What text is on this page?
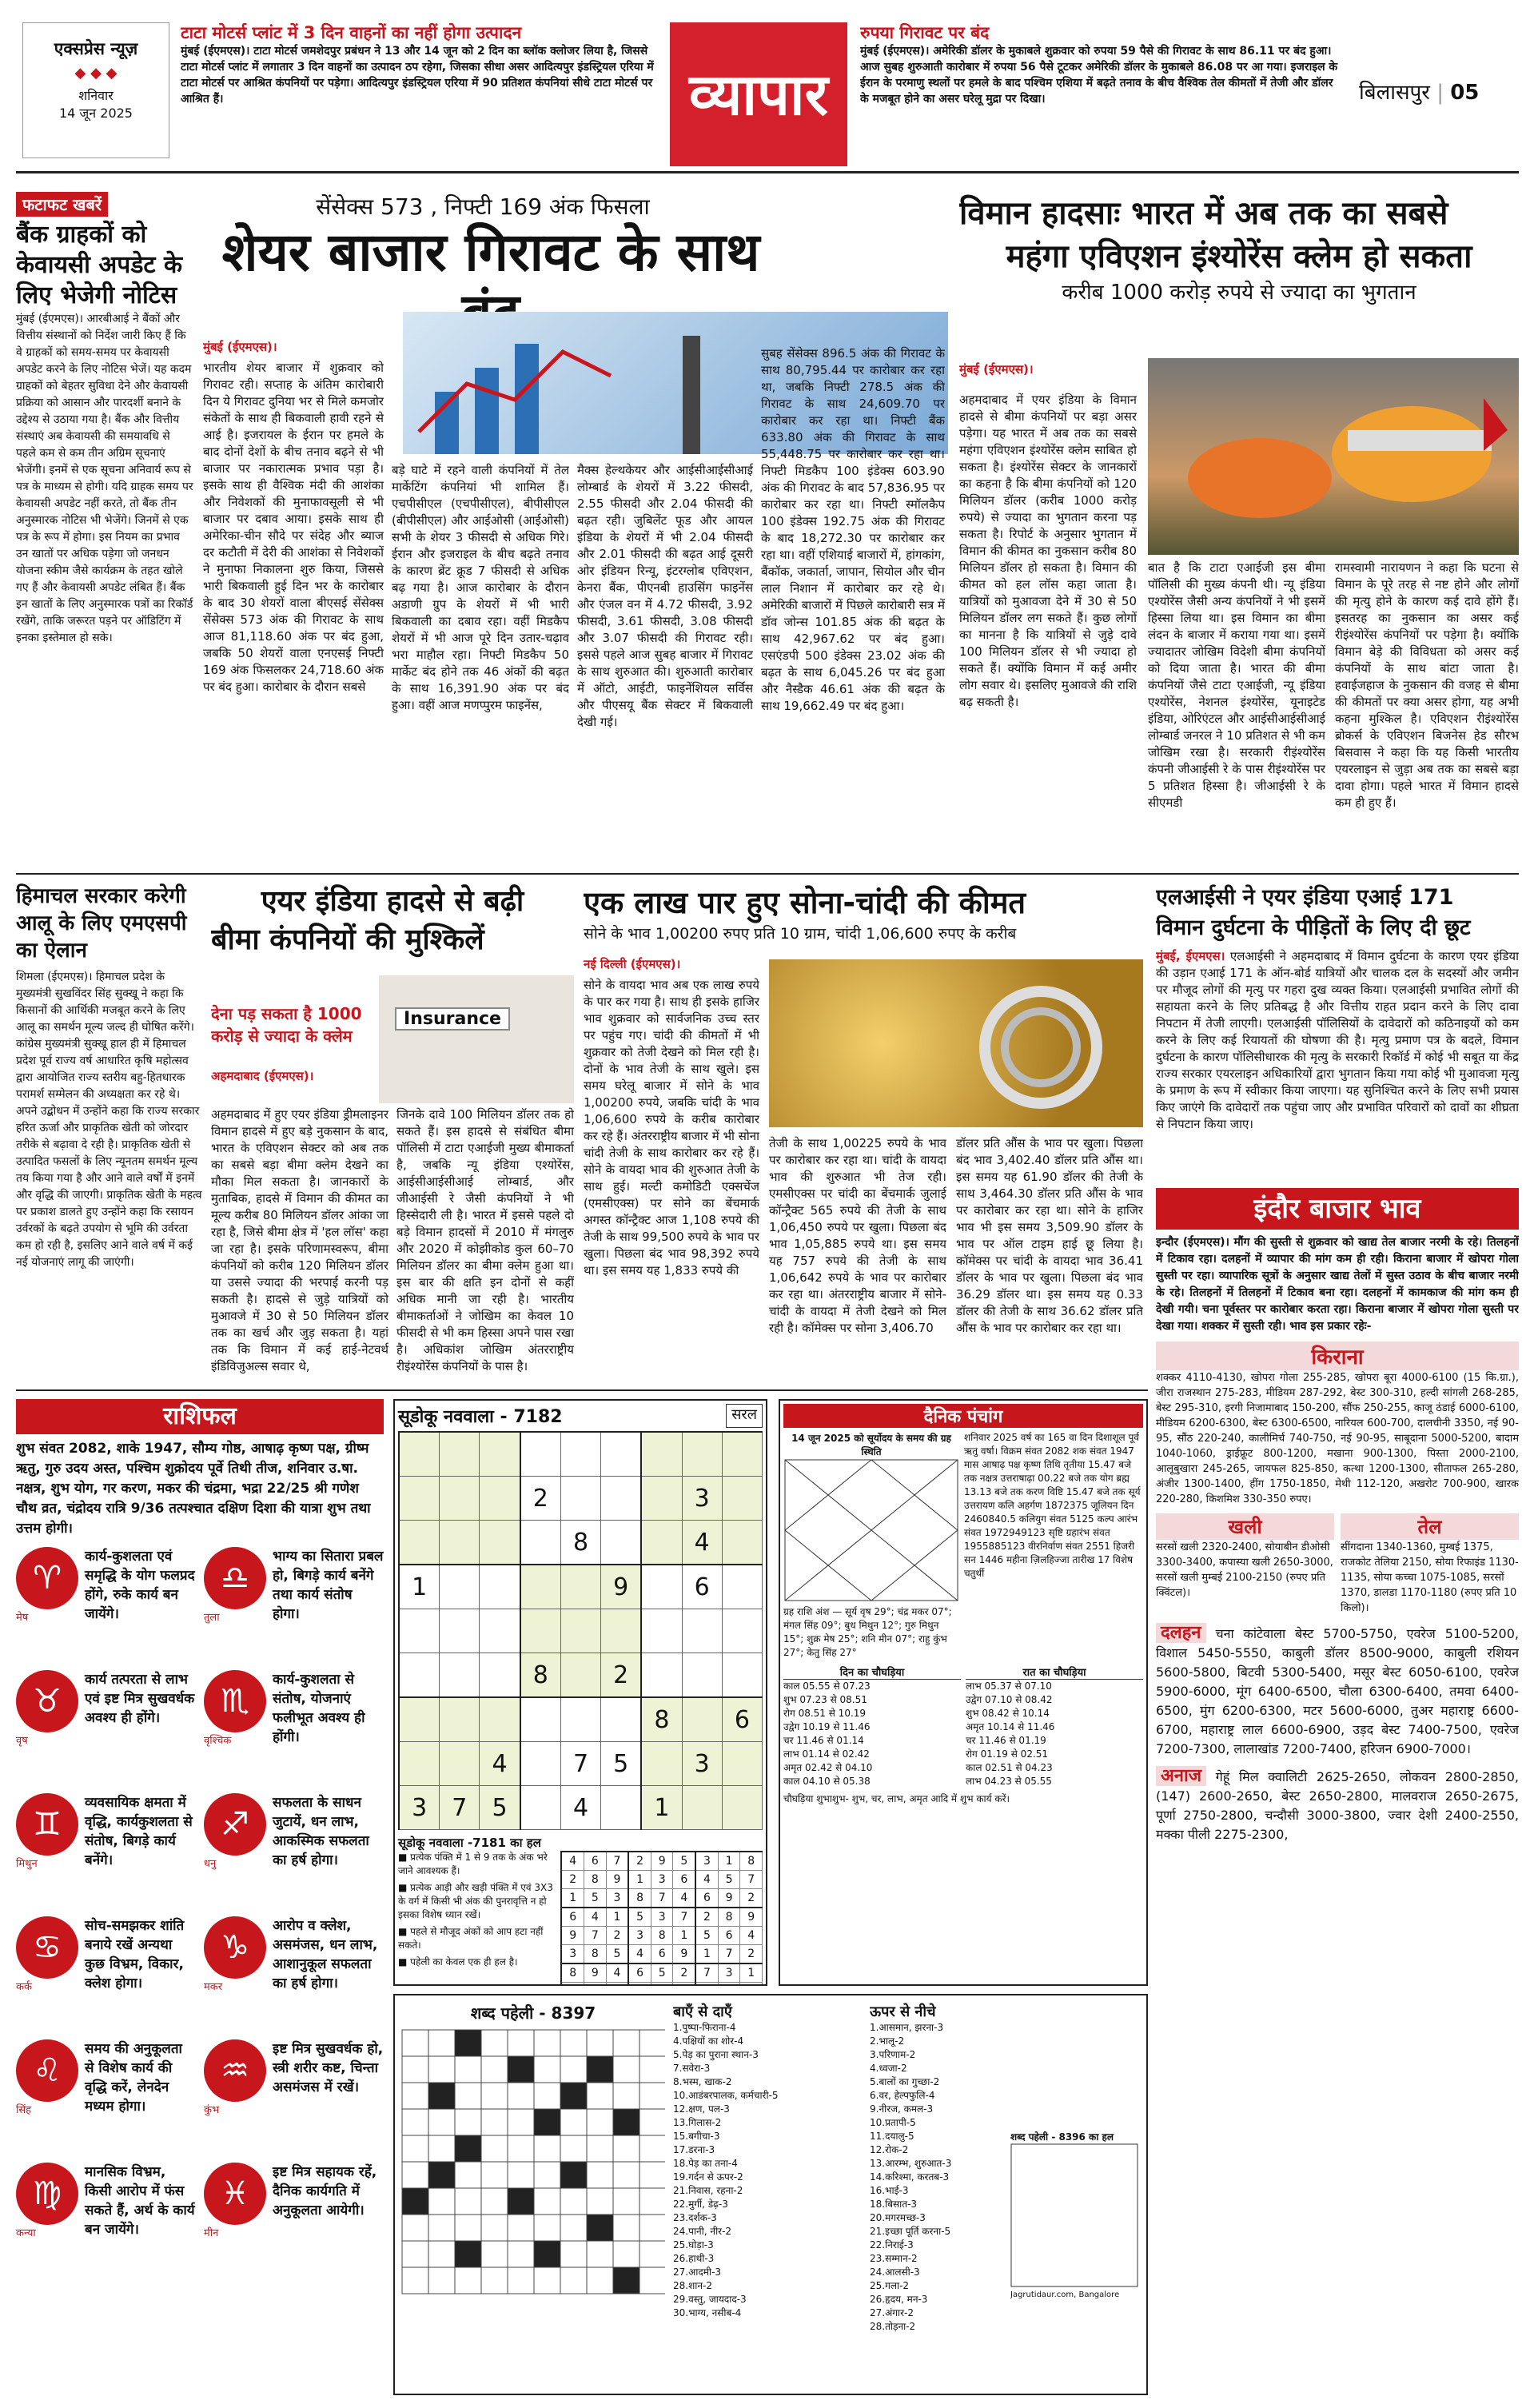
एक्सप्रेस न्यूज़
◆ ◆ ◆
शनिवार
14 जून 2025
टाटा मोटर्स प्लांट में 3 दिन वाहनों का नहीं होगा उत्पादन
मुंबई (ईएमएस)। टाटा मोटर्स जमशेदपुर प्रबंधन ने 13 और 14 जून को 2 दिन का ब्लॉक क्लोजर लिया है, जिससे टाटा मोटर्स प्लांट में लगातार 3 दिन वाहनों का उत्पादन ठप रहेगा, जिसका सीधा असर आदित्यपुर इंडस्ट्रियल एरिया में टाटा मोटर्स पर आश्रित कंपनियों पर पड़ेगा। आदित्यपुर इंडस्ट्रियल एरिया में 90 प्रतिशत कंपनियां सीधे टाटा मोटर्स पर आश्रित हैं।	व्यापार
रुपया गिरावट पर बंद
मुंबई (ईएमएस)। अमेरिकी डॉलर के मुकाबले शुक्रवार को रुपया 59 पैसे की गिरावट के साथ 86.11 पर बंद हुआ। आज सुबह शुरुआती कारोबार में रुपया 56 पैसे टूटकर अमेरिकी डॉलर के मुकाबले 86.08 पर आ गया। इजराइल के ईरान के परमाणु स्थलों पर हमले के बाद पश्चिम एशिया में बढ़ते तनाव के बीच वैश्विक तेल कीमतों में तेजी और डॉलर के मजबूत होने का असर घरेलू मुद्रा पर दिखा।	बिलासपुर | 05
फटाफट खबरें
बैंक ग्राहकों को केवायसी अपडेट के लिए भेजेगी नोटिस
मुंबई (ईएमएस)। आरबीआई ने बैंकों और वित्तीय संस्थानों को निर्देश जारी किए हैं कि वे ग्राहकों को समय-समय पर केवायसी अपडेट करने के लिए नोटिस भेजें। यह कदम ग्राहकों को बेहतर सुविधा देने और केवायसी प्रक्रिया को आसान और पारदर्शी बनाने के उद्देश्य से उठाया गया है। बैंक और वित्तीय संस्थाएं अब केवायसी की समयावधि से पहले कम से कम तीन अग्रिम सूचनाएं भेजेंगी। इनमें से एक सूचना अनिवार्य रूप से पत्र के माध्यम से होगी। यदि ग्राहक समय पर केवायसी अपडेट नहीं करते, तो बैंक तीन अनुस्मारक नोटिस भी भेजेंगे। जिनमें से एक पत्र के रूप में होगा। इस नियम का प्रभाव उन खातों पर अधिक पड़ेगा जो जनधन योजना स्कीम जैसे कार्यक्रम के तहत खोले गए हैं और केवायसी अपडेट लंबित हैं। बैंक इन खातों के लिए अनुस्मारक पत्रों का रिकॉर्ड रखेंगे, ताकि जरूरत पड़ने पर ऑडिटिंग में इनका इस्तेमाल हो सके।
सेंसेक्स 573 , निफ्टी 169 अंक फिसला
शेयर बाजार गिरावट के साथ
मुंबई (ईएमएस)।
भारतीय शेयर बाजार में शुक्रवार को गिरावट रही। सप्ताह के अंतिम कारोबारी दिन ये गिरावट दुनिया भर से मिले कमजोर संकेतों के साथ ही बिकवाली हावी रहने से आई है। इजरायल के ईरान पर हमले के बाद दोनों देशों के बीच तनाव बढ़ने से भी बाजार पर नकारात्मक प्रभाव पड़ा है। इसके साथ ही वैश्विक मंदी की आशंका और निवेशकों की मुनाफावसूली से भी बाजार पर दबाव आया। इसके साथ ही अमेरिका-चीन सौदे पर संदेह और ब्याज दर कटौती में देरी की आशंका से निवेशकों ने मुनाफा निकालना शुरु किया, जिससे भारी बिकवाली हुई दिन भर के कारोबार के बाद 30 शेयरों वाला बीएसई सेंसेक्स सेंसेक्स 573 अंक की गिरावट के साथ आज 81,118.60 अंक पर बंद हुआ, जबकि 50 शेयरों वाला एनएसई निफ्टी 169 अंक फिसलकर 24,718.60 अंक पर बंद हुआ। कारोबार के दौरान सबसे
बड़े घाटे में रहने वाली कंपनियों में तेल मार्केटिंग कंपनियां भी शामिल हैं। एचपीसीएल (एचपीसीएल), बीपीसीएल (बीपीसीएल) और आईओसी (आईओसी) सभी के शेयर 3 फीसदी से अधिक गिरे। ईरान और इजराइल के बीच बढ़ते तनाव के कारण ब्रेंट क्रूड 7 फीसदी से अधिक बढ़ गया है। आज कारोबार के दौरान अडाणी ग्रुप के शेयरों में भी भारी बिकवाली का दबाव रहा। वहीं मिडकैप शेयरों में भी आज पूरे दिन उतार-चढ़ाव भरा माहौल रहा। निफ्टी मिडकैप 50 मार्केट बंद होने तक 46 अंकों की बढ़त के साथ 16,391.90 अंक पर बंद हुआ। वहीं आज मणप्पुरम फाइनेंस,
मैक्स हेल्थकेयर और आईसीआईसीआई लोम्बार्ड के शेयरों में 3.22 फीसदी, 2.55 फीसदी और 2.04 फीसदी की बढ़त रही। जुबिलेंट फूड और आयल इंडिया के शेयरों में भी 2.04 फीसदी और 2.01 फीसदी की बढ़त आई दूसरी ओर इंडियन रिन्यू, इंटरग्लोब एविएशन, केनरा बैंक, पीएनबी हाउसिंग फाइनेंस और एंजल वन में 4.72 फीसदी, 3.92 फीसदी, 3.61 फीसदी, 3.08 फीसदी और 3.07 फीसदी की गिरावट रही। इससे पहले आज सुबह बाजार में गिरावट के साथ शुरुआत की। शुरुआती कारोबार में ऑटो, आईटी, फाइनेंशियल सर्विस और पीएसयू बैंक सेक्टर में बिकवाली देखी गई।
सुबह सेंसेक्स 896.5 अंक की गिरावट के साथ 80,795.44 पर कारोबार कर रहा था, जबकि निफ्टी 278.5 अंक की गिरावट के साथ 24,609.70 पर कारोबार कर रहा था। निफ्टी बैंक 633.80 अंक की गिरावट के साथ 55,448.75 पर कारोबार कर रहा था। निफ्टी मिडकैप 100 इंडेक्स 603.90 अंक की गिरावट के बाद 57,836.95 पर कारोबार कर रहा था। निफ्टी स्मॉलकैप 100 इंडेक्स 192.75 अंक की गिरावट के बाद 18,272.30 पर कारोबार कर रहा था। वहीं एशियाई बाजारों में, हांगकांग, बैंकॉक, जकार्ता, जापान, सियोल और चीन लाल निशान में कारोबार कर रहे थे। अमेरिकी बाजारों में पिछले कारोबारी सत्र में डॉव जोन्स 101.85 अंक की बढ़त के साथ 42,967.62 पर बंद हुआ। एसएंडपी 500 इंडेक्स 23.02 अंक की बढ़त के साथ 6,045.26 पर बंद हुआ और नैस्डैक 46.61 अंक की बढ़त के साथ 19,662.49 पर बंद हुआ।
विमान हादसाः भारत में अब तक का सबसे
महंगा एविएशन इंश्योरेंस क्लेम हो सकता
करीब 1000 करोड़ रुपये से ज्यादा का भुगतान
मुंबई (ईएमएस)।
अहमदाबाद में एयर इंडिया के विमान हादसे से बीमा कंपनियों पर बड़ा असर पड़ेगा। यह भारत में अब तक का सबसे महंगा एविएशन इंश्योरेंस क्लेम साबित हो सकता है। इंश्योरेंस सेक्टर के जानकारों का कहना है कि बीमा कंपनियों को 120 मिलियन डॉलर (करीब 1000 करोड़ रुपये) से ज्यादा का भुगतान करना पड़ सकता है। रिपोर्ट के अनुसार भुगतान में विमान की कीमत का नुकसान करीब 80 मिलियन डॉलर हो सकता है। विमान की कीमत को हल लॉस कहा जाता है। यात्रियों को मुआवजा देने में 30 से 50 मिलियन डॉलर लग सकते हैं। कुछ लोगों का मानना है कि यात्रियों से जुड़े दावे 100 मिलियन डॉलर से भी ज्यादा हो सकते हैं। क्योंकि विमान में कई अमीर लोग सवार थे। इसलिए मुआवजे की राशि बढ़ सकती है।
बात है कि टाटा एआईजी इस बीमा पॉलिसी की मुख्य कंपनी थी। न्यू इंडिया एश्योरेंस जैसी अन्य कंपनियों ने भी इसमें हिस्सा लिया था। इस विमान का बीमा लंदन के बाजार में कराया गया था। इसमें ज्यादातर जोखिम विदेशी बीमा कंपनियों को दिया जाता है। भारत की बीमा कंपनियों जैसे टाटा एआईजी, न्यू इंडिया एश्योरेंस, नेशनल इंश्योरेंस, यूनाइटेड इंडिया, ओरिएंटल और आईसीआईसीआई लोम्बार्ड जनरल ने 10 प्रतिशत से भी कम जोखिम रखा है। सरकारी रीइंश्योरेंस कंपनी जीआईसी रे के पास रीइंश्योरेंस पर 5 प्रतिशत हिस्सा है। जीआईसी रे के सीएमडी
रामस्वामी नारायणन ने कहा कि घटना से विमान के पूरे तरह से नष्ट होने और लोगों की मृत्यु होने के कारण कई दावे होंगे हैं। इसतरह का नुकसान का असर कई रीइंश्योरेंस कंपनियों पर पड़ेगा है। क्योंकि विमान बेड़े की विविधता को असर कई कंपनियों के साथ बांटा जाता है। हवाईजहाज के नुकसान की वजह से बीमा की कीमतों पर क्या असर होगा, यह अभी कहना मुश्किल है। एविएशन रीइंश्योरेंस ब्रोकर्स के एविएशन बिजनेस हेड सौरभ बिसवास ने कहा कि यह किसी भारतीय एयरलाइन से जुड़ा अब तक का सबसे बड़ा दावा होगा। पहले भारत में विमान हादसे कम ही हुए हैं।
हिमाचल सरकार करेगी आलू के लिए एमएसपी का ऐलान
शिमला (ईएमएस)। हिमाचल प्रदेश के मुख्यमंत्री सुखविंदर सिंह सुक्खू ने कहा कि किसानों की आर्थिकी मजबूत करने के लिए आलू का समर्थन मूल्य जल्द ही घोषित करेंगे। कांग्रेस मुख्यमंत्री सुक्खू हाल ही में हिमाचल प्रदेश पूर्व राज्य वर्ष आधारित कृषि महोत्सव द्वारा आयोजित राज्य स्तरीय बहु-हितधारक परामर्श सम्मेलन की अध्यक्षता कर रहे थे। अपने उद्बोधन में उन्होंने कहा कि राज्य सरकार हरित ऊर्जा और प्राकृतिक खेती को जोरदार तरीके से बढ़ावा दे रही है। प्राकृतिक खेती से उत्पादित फसलों के लिए न्यूनतम समर्थन मूल्य तय किया गया है और आने वाले वर्षों में इनमें और वृद्धि की जाएगी। प्राकृतिक खेती के महत्व पर प्रकाश डालते हुए उन्होंने कहा कि रसायन उर्वरकों के बढ़ते उपयोग से भूमि की उर्वरता कम हो रही है, इसलिए आने वाले वर्ष में कई नई योजनाएं लागू की जाएंगी।
एयर इंडिया हादसे से बढ़ी
बीमा कंपनियों की मुश्किलें
देना पड़ सकता है 1000 करोड़ से ज्यादा के क्लेम
Insurance
अहमदाबाद (ईएमएस)।
अहमदाबाद में हुए एयर इंडिया ड्रीमलाइनर विमान हादसे में हुए बड़े नुकसान के बाद, भारत के एविएशन सेक्टर को अब तक का सबसे बड़ा बीमा क्लेम देखने का मौका मिल सकता है। जानकारों के मुताबिक, हादसे में विमान की कीमत का मूल्य करीब 80 मिलियन डॉलर आंका जा रहा है, जिसे बीमा क्षेत्र में 'हल लॉस' कहा जा रहा है। इसके परिणामस्वरूप, बीमा कंपनियों को करीब 120 मिलियन डॉलर या उससे ज्यादा की भरपाई करनी पड़ सकती है। हादसे से जुड़े यात्रियों को मुआवजे में 30 से 50 मिलियन डॉलर तक का खर्च और जुड़ सकता है। यहां तक कि विमान में कई हाई-नेटवर्थ इंडिविजुअल्स सवार थे,
जिनके दावे 100 मिलियन डॉलर तक हो सकते हैं। इस हादसे से संबंधित बीमा पॉलिसी में टाटा एआईजी मुख्य बीमाकर्ता है, जबकि न्यू इंडिया एश्योरेंस, आईसीआईसीआई लोम्बार्ड, और जीआईसी रे जैसी कंपनियों ने भी हिस्सेदारी ली है। भारत में इससे पहले दो बड़े विमान हादसों में 2010 में मंगलुरु और 2020 में कोझीकोड कुल 60–70 मिलियन डॉलर का बीमा क्लेम हुआ था। इस बार की क्षति इन दोनों से कहीं अधिक मानी जा रही है। भारतीय बीमाकर्ताओं ने जोखिम का केवल 10 फीसदी से भी कम हिस्सा अपने पास रखा है। अधिकांश जोखिम अंतरराष्ट्रीय रीइंश्योरेंस कंपनियों के पास है।
एक लाख पार हुए सोना-चांदी की कीमत
सोने के भाव 1,00200 रुपए प्रति 10 ग्राम, चांदी 1,06,600 रुपए के करीब
नई दिल्ली (ईएमएस)।
सोने के वायदा भाव अब एक लाख रुपये के पार कर गया है। साथ ही इसके हाजिर भाव शुक्रवार को सार्वजनिक उच्च स्तर पर पहुंच गए। चांदी की कीमतों में भी शुक्रवार को तेजी देखने को मिल रही है। दोनों के भाव तेजी के साथ खुले। इस समय घरेलू बाजार में सोने के भाव 1,00200 रुपये, जबकि चांदी के भाव 1,06,600 रुपये के करीब कारोबार कर रहे हैं। अंतरराष्ट्रीय बाजार में भी सोना चांदी तेजी के साथ कारोबार कर रहे हैं। सोने के वायदा भाव की शुरुआत तेजी के साथ हुई। मल्टी कमोडिटी एक्सचेंज (एमसीएक्स) पर सोने का बेंचमार्क अगस्त कॉन्ट्रैक्ट आज 1,108 रुपये की तेजी के साथ 99,500 रुपये के भाव पर खुला। पिछला बंद भाव 98,392 रुपये था। इस समय यह 1,833 रुपये की
तेजी के साथ 1,00225 रुपये के भाव पर कारोबार कर रहा था। चांदी के वायदा भाव की शुरुआत भी तेज रही। एमसीएक्स पर चांदी का बेंचमार्क जुलाई कॉन्ट्रैक्ट 565 रुपये की तेजी के साथ 1,06,450 रुपये पर खुला। पिछला बंद भाव 1,05,885 रुपये था। इस समय यह 757 रुपये की तेजी के साथ 1,06,642 रुपये के भाव पर कारोबार कर रहा था। अंतरराष्ट्रीय बाजार में सोने-चांदी के वायदा में तेजी देखने को मिल रही है। कॉमेक्स पर सोना 3,406.70
डॉलर प्रति औंस के भाव पर खुला। पिछला बंद भाव 3,402.40 डॉलर प्रति औंस था। इस समय यह 61.90 डॉलर की तेजी के साथ 3,464.30 डॉलर प्रति औंस के भाव पर कारोबार कर रहा था। सोने के हाजिर भाव भी इस समय 3,509.90 डॉलर के भाव पर ऑल टाइम हाई छू लिया है। कॉमेक्स पर चांदी के वायदा भाव 36.41 डॉलर के भाव पर खुला। पिछला बंद भाव 36.29 डॉलर था। इस समय यह 0.33 डॉलर की तेजी के साथ 36.62 डॉलर प्रति औंस के भाव पर कारोबार कर रहा था।
एलआईसी ने एयर इंडिया एआई 171
विमान दुर्घटना के पीड़ितों के लिए दी छूट
मुंबई, ईएमएस। एलआईसी ने अहमदाबाद में विमान दुर्घटना के कारण एयर इंडिया की उड़ान एआई 171 के ऑन-बोर्ड यात्रियों और चालक दल के सदस्यों और जमीन पर मौजूद लोगों की मृत्यु पर गहरा दुख व्यक्त किया। एलआईसी प्रभावित लोगों की सहायता करने के लिए प्रतिबद्ध है और वित्तीय राहत प्रदान करने के लिए दावा निपटान में तेजी लाएगी। एलआईसी पॉलिसियों के दावेदारों को कठिनाइयों को कम करने के लिए कई रियायतों की घोषणा की है। मृत्यु प्रमाण पत्र के बदले, विमान दुर्घटना के कारण पॉलिसीधारक की मृत्यु के सरकारी रिकॉर्ड में कोई भी सबूत या केंद्र राज्य सरकार एयरलाइन अधिकारियों द्वारा भुगतान किया गया कोई भी मुआवजा मृत्यु के प्रमाण के रूप में स्वीकार किया जाएगा। यह सुनिश्चित करने के लिए सभी प्रयास किए जाएंगे कि दावेदारों तक पहुंचा जाए और प्रभावित परिवारों को दावों का शीघ्रता से निपटान किया जाए।
इंदौर बाजार भाव
इन्दौर (ईएमएस)। मौंग की सुस्ती से शुक्रवार को खाद्य तेल बाजार नरमी के रहे। तिलहनों में टिकाव रहा। दलहनों में व्यापार की मांग कम ही रही। किराना बाजार में खोपरा गोला सुस्ती पर रहा। व्यापारिक सूत्रों के अनुसार खाद्य तेलों में सुस्त उठाव के बीच बाजार नरमी के रहे। तिलहनों में तिलहनों में टिकाव बना रहा। दलहनों में कामकाज की मांग कम ही देखी गयी। चना पूर्वस्तर पर कारोबार करता रहा। किराना बाजार में खोपरा गोला सुस्ती पर देखा गया। शक्कर में सुस्ती रही। भाव इस प्रकार रहेः-
किराना
शक्कर 4110-4130, खोपरा गोला 255-285, खोपरा बूरा 4000-6100 (15 कि.ग्रा.), जीरा राजस्थान 275-283, मीडियम 287-292, बेस्ट 300-310, हल्दी सांगली 268-285, बेस्ट 295-310, इरगी निजामाबाद 150-200, सौंफ 250-255, काजू ठंडाई 6000-6100, मीडियम 6200-6300, बेस्ट 6300-6500, नारियल 600-700, दालचीनी 3350, नई 90-95, सौंठ 220-240, कालीमिर्च 740-750, नई 90-95, साबूदाना 5000-5200, बादाम 1040-1060, ड्राईफ्रूट 800-1200, मखाना 900-1300, पिस्ता 2000-2100, आलूबुखारा 245-265, जायफल 825-850, कत्था 1200-1300, सीताफल 265-280, अंजीर 1300-1400, हींग 1750-1850, मेथी 112-120, अखरोट 700-900, खारक 220-280, किशमिश 330-350 रुपए।
खली
सरसों खली 2320-2400, सोयाबीन डीओसी 3300-3400, कपास्या खली 2650-3000, सरसों खली मुम्बई 2100-2150 (रुपए प्रति क्विंटल)।
तेल
सींगदाना 1340-1360, मुम्बई 1375, राजकोट तेलिया 2150, सोया रिफाइंड 1130-1135, सोया कच्चा 1075-1085, सरसों 1370, डालडा 1170-1180 (रुपए प्रति 10 किलो)।
दलहन चना कांटेवाला बेस्ट 5700-5750, एवरेज 5100-5200, विशाल 5450-5550, काबुली डॉलर 8500-9000, काबुली रशियन 5600-5800, बिटवी 5300-5400, मसूर बेस्ट 6050-6100, एवरेज 5900-6000, मूंग 6400-6500, चौला 6300-6400, तमवा 6400-6500, मुंग 6200-6300, मटर 5600-6000, तुअर महाराष्ट्र 6600-6700, महाराष्ट्र लाल 6600-6900, उड़द बेस्ट 7400-7500, एवरेज 7200-7300, लालाखांड 7200-7400, हरिजन 6900-7000।
अनाज गेहूं मिल क्वालिटी 2625-2650, लोकवन 2800-2850, (147) 2600-2650, बेस्ट 2650-2800, मालवराज 2650-2675, पूर्णा 2750-2800, चन्दौसी 3000-3800, ज्वार देशी 2400-2550, मक्का पीली 2275-2300,
राशिफल
शुभ संवत 2082, शाके 1947, सौम्य गोष्ठ, आषाढ़ कृष्ण पक्ष, ग्रीष्म ऋतु, गुरु उदय अस्त, पश्चिम शुक्रोदय पूर्वे तिथी तीज, शनिवार उ.षा. नक्षत्र, शुभ योग, गर करण, मकर की चंद्रमा, भद्रा 22/25 श्री गणेश चौथ व्रत, चंद्रोदय रात्रि 9/36 तत्पश्चात दक्षिण दिशा की यात्रा शुभ तथा उत्तम होगी।
♈
मेष
कार्य-कुशलता एवं समृद्धि के योग फलप्रद होंगे, रुके कार्य बन जायेंगे।
♎
तुला
भाग्य का सितारा प्रबल हो, बिगड़े कार्य बनेंगे तथा कार्य संतोष होगा।
♉
वृष
कार्य तत्परता से लाभ एवं इष्ट मित्र सुखवर्धक अवश्य ही होंगे।	♏
वृश्चिक
कार्य-कुशलता से संतोष, योजनाएं फलीभूत अवश्य ही होंगी।
♊
मिथुन
व्यवसायिक क्षमता में वृद्धि, कार्यकुशलता से संतोष, बिगड़े कार्य बनेंगे।
♐
धनु
सफलता के साधन जुटायें, धन लाभ, आकस्मिक सफलता का हर्ष होगा।
♋
कर्क
सोच-समझकर शांति बनाये रखें अन्यथा कुछ विभ्रम, विकार, क्लेश होगा।
♑
मकर
आरोप व क्लेश, असमंजस, धन लाभ, आशानुकूल सफलता का हर्ष होगा।
♌
सिंह
समय की अनुकूलता से विशेष कार्य की वृद्धि करें, लेनदेन मध्यम होगा।
♒
कुंभ
इष्ट मित्र सुखवर्धक हो, स्त्री शरीर कष्ट, चिन्ता असमंजस में रखें।
♍
कन्या
मानसिक विभ्रम, किसी आरोप में फंस सकते हैं, अर्थ के कार्य बन जायेंगे।
♓
मीन
इष्ट मित्र सहायक रहें, दैनिक कार्यगति में अनुकूलता आयेगी।
सूडोकू नववाला - 7182	सरल

			2				3	
				8			4	
1					9		6	

			8		2			
						8		6
		4		7	5		3	
3	7	5		4		1		
सूडोकू नववाला -7181 का हल
■ प्रत्येक पंक्ति में 1 से 9 तक के अंक भरे जाने आवश्यक हैं।
■ प्रत्येक आड़ी और खड़ी पंक्ति में एवं 3X3 के वर्ग में किसी भी अंक की पुनरावृत्ति न हो इसका विशेष ध्यान रखें।
■ पहले से मौजूद अंकों को आप हटा नहीं सकते।
■ पहेली का केवल एक ही हल है।
4	6	7	2	9	5	3	1	8
2	8	9	1	3	6	4	5	7
1	5	3	8	7	4	6	9	2
6	4	1	5	3	7	2	8	9
9	7	2	3	8	1	5	6	4
3	8	5	4	6	9	1	7	2
8	9	4	6	5	2	7	3	1

दैनिक पंचांग
14 जून 2025 को सूर्योदय के समय की ग्रह स्थिति
ग्रह राशि अंश — सूर्य वृष 29°; चंद्र मकर 07°; मंगल सिंह 09°; बुध मिथुन 12°; गुरु मिथुन 15°; शुक्र मेष 25°; शनि मीन 07°; राहु कुंभ 27°; केतु सिंह 27°
शनिवार 2025 वर्ष का 165 वा दिन दिशाशूल पूर्व ऋतु वर्षा। विक्रम संवत 2082 शक संवत 1947 मास आषाढ़ पक्ष कृष्ण तिथि तृतीया 15.47 बजे तक नक्षत्र उत्तराषाढ़ा 00.22 बजे तक योग ब्रह्म 13.13 बजे तक करण विष्टि 15.47 बजे तक सूर्य उत्तरायण कलि अहर्गण 1872375 जूलियन दिन 2460840.5 कलियुग संवत 5125 कल्प आरंभ संवत 1972949123 सृष्टि ग्रहारंभ संवत 1955885123 वीरनिर्वाण संवत 2551 हिजरी सन 1446 महीना ज़िलहिज्जा तारीख 17 विशेष चतुर्थी
दिन का चौघड़िया
काल 05.55 से 07.23
शुभ 07.23 से 08.51
रोग 08.51 से 10.19
उद्वेग 10.19 से 11.46
चर 11.46 से 01.14
लाभ 01.14 से 02.42
अमृत 02.42 से 04.10
काल 04.10 से 05.38
रात का चौघड़िया
लाभ 05.37 से 07.10
उद्वेग 07.10 से 08.42
शुभ 08.42 से 10.14
अमृत 10.14 से 11.46
चर 11.46 से 01.19
रोग 01.19 से 02.51
काल 02.51 से 04.23
लाभ 04.23 से 05.55
चौघड़िया शुभाशुभ- शुभ, चर, लाभ, अमृत आदि में शुभ कार्य करें।
शब्द पहेली - 8397	बाएँ से दाएँ
1.पुष्पा-फिराना-4
4.पक्षियों का शोर-4
5.पेड़ का पुराना स्थान-3
7.सवेरा-3
8.भस्म, खाक-2
10.आडंबरपालक, कर्मचारी-5
12.क्षण, पल-3
13.गिलास-2
15.बगीचा-3
17.डरना-3
18.पेड़ का तना-4
19.गर्दन से ऊपर-2
21.निवास, रहना-2
22.मुर्गी, डेढ़-3
23.दर्शक-3
24.पानी, नीर-2
25.घोड़ा-3
26.हाथी-3
27.आदमी-3
28.शान-2
29.वस्तु, जायदाद-3
30.भाग्य, नसीब-4
ऊपर से नीचे
1.आसमान, झरना-3
2.भालू-2
3.परिणाम-2
4.ध्वजा-2
5.बालों का गुच्छा-2
6.वर, हेल्पफुलि-4
9.नीरज, कमल-3
10.प्रतापी-5
11.दयालु-5
12.रोक-2
13.आरम्भ, शुरुआत-3
14.करिश्मा, करतब-3
16.भाई-3
18.बिसात-3
20.मगरमच्छ-3
21.इच्छा पूर्ति करना-5
22.निराई-3
23.सम्मान-2
24.आलसी-3
25.गला-2
26.हृदय, मन-3
27.अंगार-2
28.तोड़ना-2
शब्द पहेली - 8396 का हल
Jagrutidaur.com, Bangalore
